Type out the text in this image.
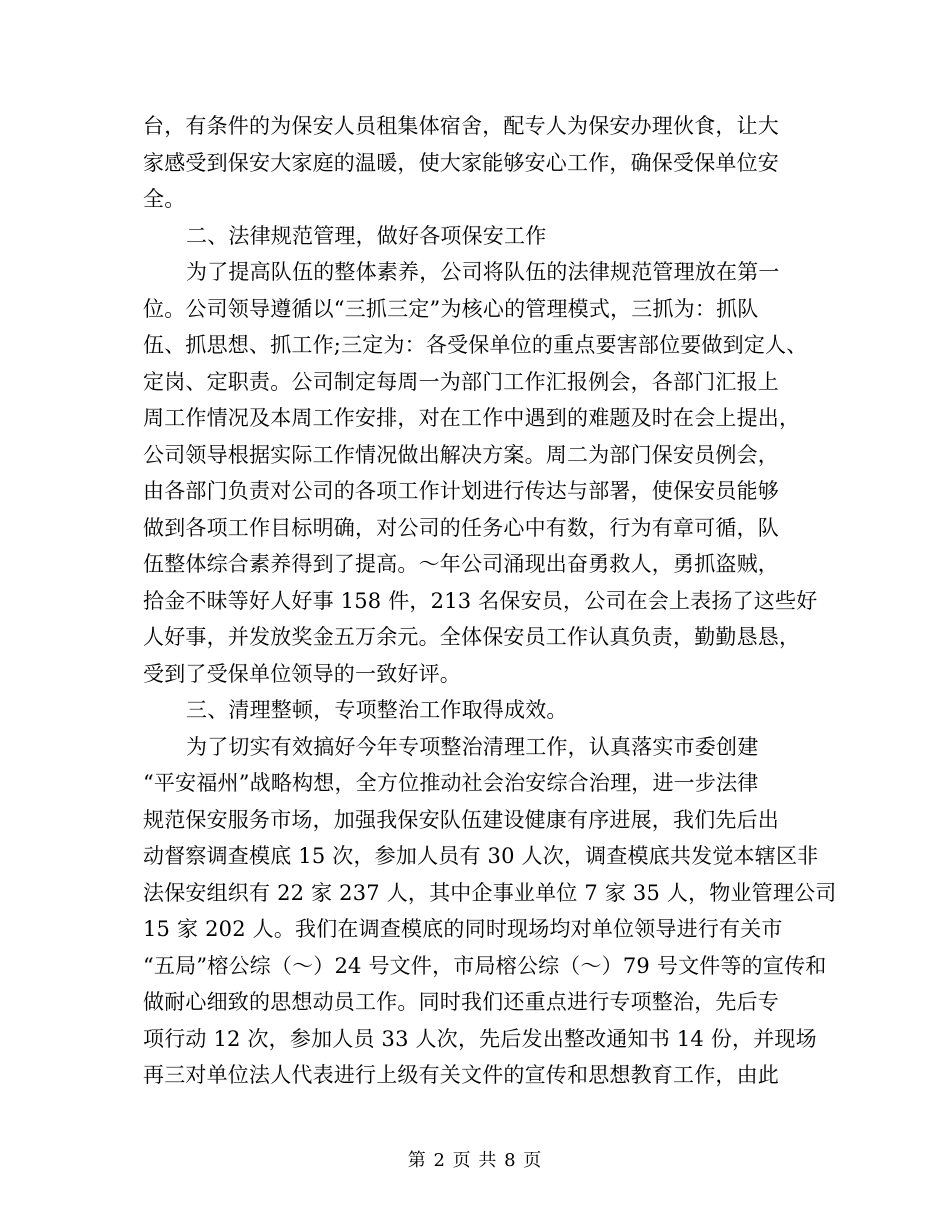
台，有条件的为保安人员租集体宿舍，配专人为保安办理伙食，让大
家感受到保安大家庭的温暖，使大家能够安心工作，确保受保单位安
全。
二、法律规范管理，做好各项保安工作
为了提高队伍的整体素养，公司将队伍的法律规范管理放在第一
位。公司领导遵循以“三抓三定”为核心的管理模式，三抓为：抓队
伍、抓思想、抓工作;三定为：各受保单位的重点要害部位要做到定人、
定岗、定职责。公司制定每周一为部门工作汇报例会，各部门汇报上
周工作情况及本周工作安排，对在工作中遇到的难题及时在会上提出，
公司领导根据实际工作情况做出解决方案。周二为部门保安员例会，
由各部门负责对公司的各项工作计划进行传达与部署，使保安员能够
做到各项工作目标明确，对公司的任务心中有数，行为有章可循，队
伍整体综合素养得到了提高。～年公司涌现出奋勇救人，勇抓盗贼，
拾金不昧等好人好事 158 件，213 名保安员，公司在会上表扬了这些好
人好事，并发放奖金五万余元。全体保安员工作认真负责，勤勤恳恳，
受到了受保单位领导的一致好评。
三、清理整顿，专项整治工作取得成效。
为了切实有效搞好今年专项整治清理工作，认真落实市委创建
“平安福州”战略构想，全方位推动社会治安综合治理，进一步法律
规范保安服务市场，加强我保安队伍建设健康有序进展，我们先后出
动督察调查模底 15 次，参加人员有 30 人次，调查模底共发觉本辖区非
法保安组织有 22 家 237 人，其中企事业单位 7 家 35 人，物业管理公司
15 家 202 人。我们在调查模底的同时现场均对单位领导进行有关市
“五局”榕公综（～）24 号文件，市局榕公综（～）79 号文件等的宣传和
做耐心细致的思想动员工作。同时我们还重点进行专项整治，先后专
项行动 12 次，参加人员 33 人次，先后发出整改通知书 14 份，并现场
再三对单位法人代表进行上级有关文件的宣传和思想教育工作，由此
第 2 页 共 8 页
